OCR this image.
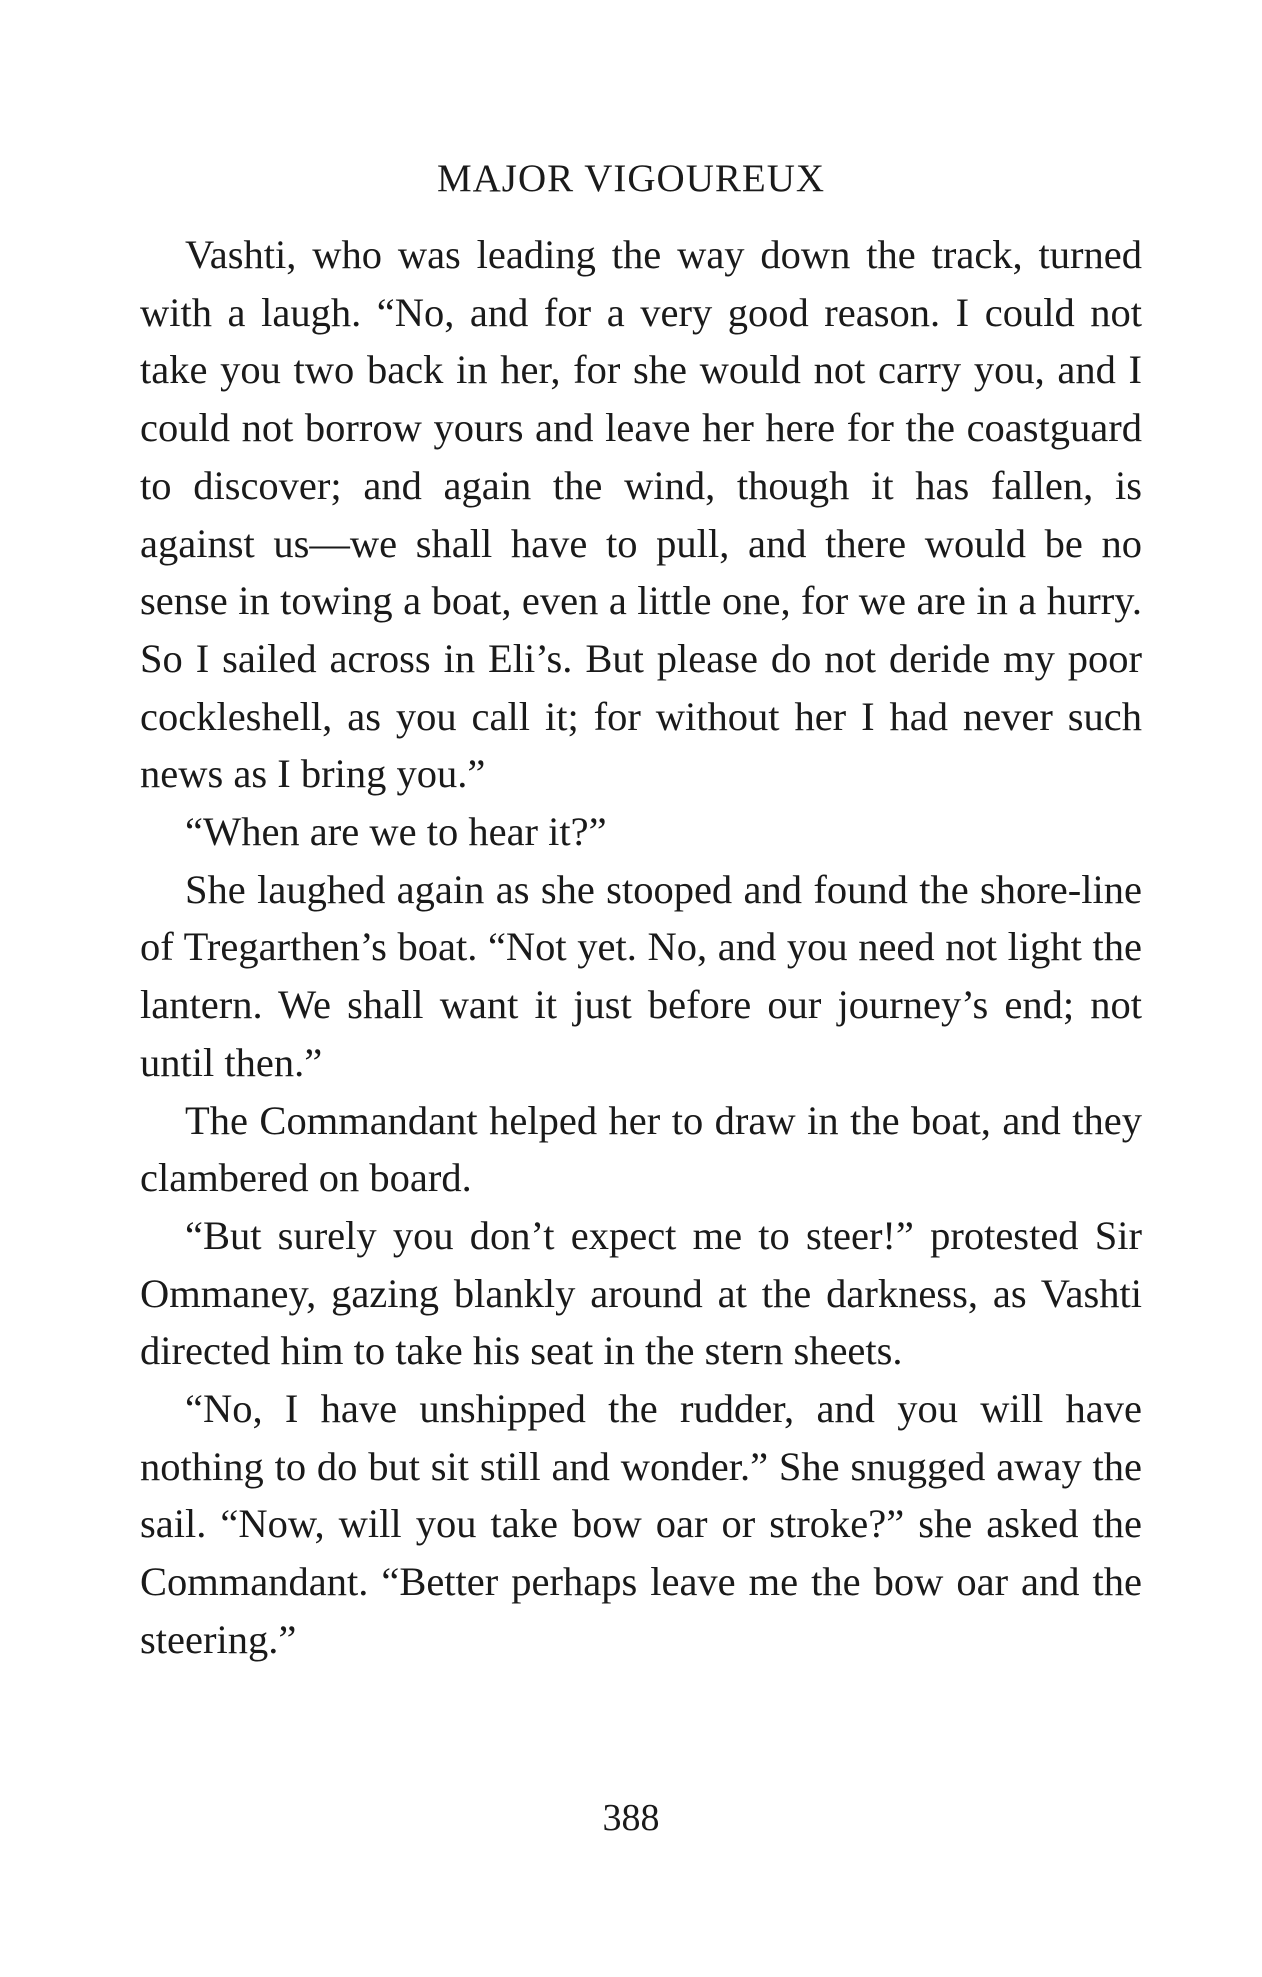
MAJOR VIGOUREUX

Vashti, who was leading the way down the track, turned with a laugh. “No, and for a very good reason. I could not take you two back in her, for she would not carry you, and I could not borrow yours and leave her here for the coastguard to discover; and again the wind, though it has fallen, is against us—we shall have to pull, and there would be no sense in towing a boat, even a little one, for we are in a hurry. So I sailed across in Eli’s. But please do not deride my poor cockleshell, as you call it; for without her I had never such news as I bring you.”

“When are we to hear it?”

She laughed again as she stooped and found the shore-line of Tregarthen’s boat. “Not yet. No, and you need not light the lantern. We shall want it just before our journey’s end; not until then.”

The Commandant helped her to draw in the boat, and they clambered on board.

“But surely you don’t expect me to steer!” protested Sir Ommaney, gazing blankly around at the darkness, as Vashti directed him to take his seat in the stern sheets.

“No, I have unshipped the rudder, and you will have nothing to do but sit still and wonder.” She snugged away the sail. “Now, will you take bow oar or stroke?” she asked the Commandant. “Better perhaps leave me the bow oar and the steering.”

388
